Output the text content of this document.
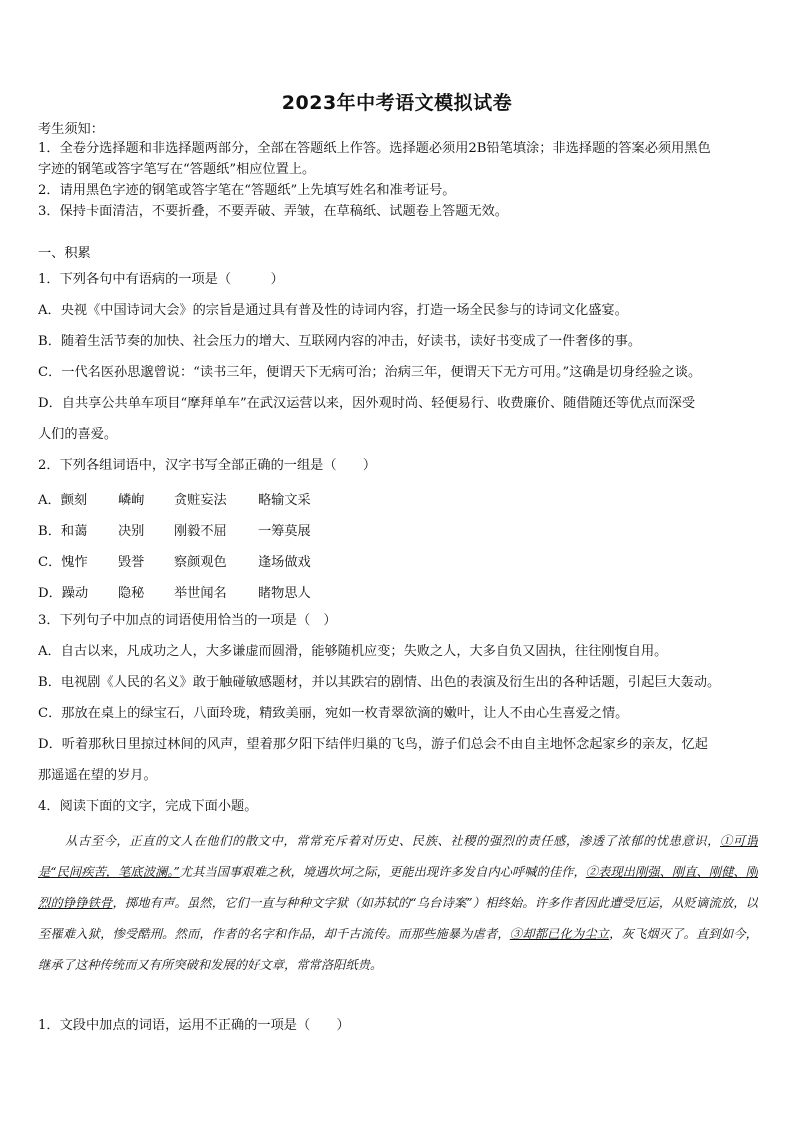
2023年中考语文模拟试卷
考生须知：
1．全卷分选择题和非选择题两部分，全部在答题纸上作答。选择题必须用2B铅笔填涂；非选择题的答案必须用黑色
字迹的钢笔或答字笔写在“答题纸”相应位置上。
2．请用黑色字迹的钢笔或答字笔在“答题纸”上先填写姓名和准考证号。
3．保持卡面清洁，不要折叠，不要弄破、弄皱，在草稿纸、试题卷上答题无效。
一、积累
1．下列各句中有语病的一项是（　　　）
A．央视《中国诗词大会》的宗旨是通过具有普及性的诗词内容，打造一场全民参与的诗词文化盛宴。
B．随着生活节奏的加快、社会压力的增大、互联网内容的冲击，好读书，读好书变成了一件奢侈的事。
C．一代名医孙思邈曾说：“读书三年，便谓天下无病可治；治病三年，便谓天下无方可用。”这确是切身经验之谈。
D．自共享公共单车项目“摩拜单车”在武汉运营以来，因外观时尚、轻便易行、收费廉价、随借随还等优点而深受
人们的喜爱。
2．下列各组词语中，汉字书写全部正确的一组是（　　）
A．颤刻 嶙峋 贪赃妄法 略输文采
B．和蔼 决别 刚毅不屈 一筹莫展
C．愧怍 毁誉 察颜观色 逢场做戏
D．躁动 隐秘 举世闻名 睹物思人
3．下列句子中加点的词语使用恰当的一项是（　）
A．自古以来，凡成功之人，大多谦虚而圆滑，能够随机应变；失败之人，大多自负又固执，往往刚愎自用。
B．电视剧《人民的名义》敢于触碰敏感题材，并以其跌宕的剧情、出色的表演及衍生出的各种话题，引起巨大轰动。
C．那放在桌上的绿宝石，八面玲珑，精致美丽，宛如一枚青翠欲滴的嫩叶，让人不由心生喜爱之情。
D．听着那秋日里掠过林间的风声，望着那夕阳下结伴归巢的飞鸟，游子们总会不由自主地怀念起家乡的亲友，忆起
那遥遥在望的岁月。
4．阅读下面的文字，完成下面小题。
从古至今，正直的文人在他们的散文中，常常充斥着对历史、民族、社稷的强烈的责任感，渗透了浓郁的忧患意识，①可谓是“民间疾苦，笔底波澜。”尤其当国事艰难之秋，境遇坎坷之际，更能出现许多发自内心呼喊的佳作，②表现出刚强、刚直、刚健、刚烈的铮铮铁骨，掷地有声。虽然，它们一直与种种文字狱（如苏轼的“乌台诗案”）相终始。许多作者因此遭受厄运，从贬谪流放，以至罹难入狱，惨受酷刑。然而，作者的名字和作品，却千古流传。而那些施暴为虐者，③却都已化为尘立，灰飞烟灭了。直到如今，继承了这种传统而又有所突破和发展的好文章，常常洛阳纸贵。
1．文段中加点的词语，运用不正确的一项是（　　）
